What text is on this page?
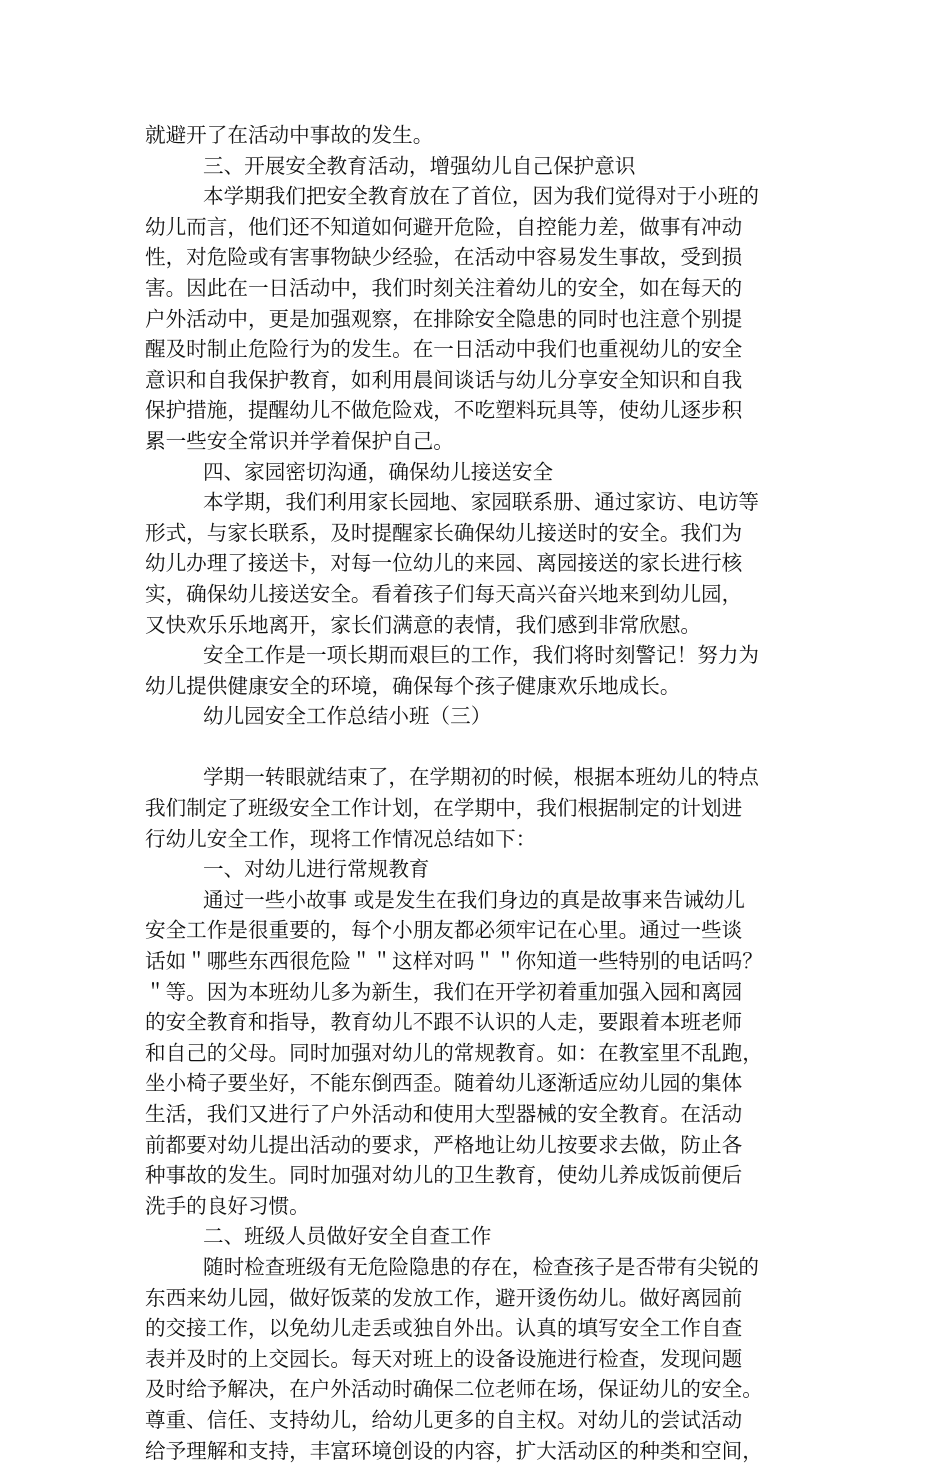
就避开了在活动中事故的发生。
三、开展安全教育活动，增强幼儿自己保护意识
本学期我们把安全教育放在了首位，因为我们觉得对于小班的
幼儿而言，他们还不知道如何避开危险，自控能力差，做事有冲动
性，对危险或有害事物缺少经验，在活动中容易发生事故，受到损
害。因此在一日活动中，我们时刻关注着幼儿的安全，如在每天的
户外活动中，更是加强观察，在排除安全隐患的同时也注意个别提
醒及时制止危险行为的发生。在一日活动中我们也重视幼儿的安全
意识和自我保护教育，如利用晨间谈话与幼儿分享安全知识和自我
保护措施，提醒幼儿不做危险戏，不吃塑料玩具等，使幼儿逐步积
累一些安全常识并学着保护自己。
四、家园密切沟通，确保幼儿接送安全
本学期，我们利用家长园地、家园联系册、通过家访、电访等
形式，与家长联系，及时提醒家长确保幼儿接送时的安全。我们为
幼儿办理了接送卡，对每一位幼儿的来园、离园接送的家长进行核
实，确保幼儿接送安全。看着孩子们每天高兴奋兴地来到幼儿园，
又快欢乐乐地离开，家长们满意的表情，我们感到非常欣慰。
安全工作是一项长期而艰巨的工作，我们将时刻警记！努力为
幼儿提供健康安全的环境，确保每个孩子健康欢乐地成长。
幼儿园安全工作总结小班（三）
学期一转眼就结束了，在学期初的时候，根据本班幼儿的特点
我们制定了班级安全工作计划，在学期中，我们根据制定的计划进
行幼儿安全工作，现将工作情况总结如下：
一、对幼儿进行常规教育
通过一些小故事 或是发生在我们身边的真是故事来告诫幼儿
安全工作是很重要的，每个小朋友都必须牢记在心里。通过一些谈
话如＂哪些东西很危险＂＂这样对吗＂＂你知道一些特别的电话吗？
＂等。因为本班幼儿多为新生，我们在开学初着重加强入园和离园
的安全教育和指导，教育幼儿不跟不认识的人走，要跟着本班老师
和自己的父母。同时加强对幼儿的常规教育。如：在教室里不乱跑，
坐小椅子要坐好，不能东倒西歪。随着幼儿逐渐适应幼儿园的集体
生活，我们又进行了户外活动和使用大型器械的安全教育。在活动
前都要对幼儿提出活动的要求，严格地让幼儿按要求去做，防止各
种事故的发生。同时加强对幼儿的卫生教育，使幼儿养成饭前便后
洗手的良好习惯。
二、班级人员做好安全自查工作
随时检查班级有无危险隐患的存在，检查孩子是否带有尖锐的
东西来幼儿园，做好饭菜的发放工作，避开烫伤幼儿。做好离园前
的交接工作，以免幼儿走丢或独自外出。认真的填写安全工作自查
表并及时的上交园长。每天对班上的设备设施进行检查，发现问题
及时给予解决，在户外活动时确保二位老师在场，保证幼儿的安全。
尊重、信任、支持幼儿，给幼儿更多的自主权。对幼儿的尝试活动
给予理解和支持，丰富环境创设的内容，扩大活动区的种类和空间，
